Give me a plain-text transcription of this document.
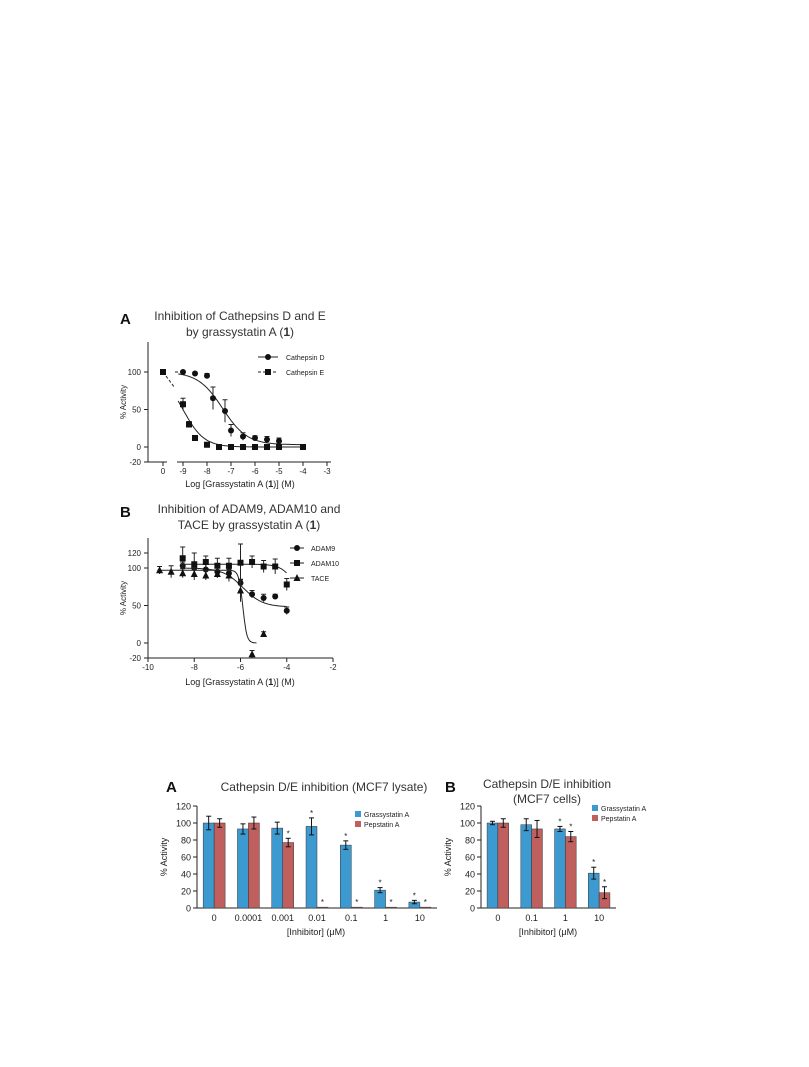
A	Inhibition of Cathepsins D and E
by grassystatin A (1)
100
50
0
-20
0 -9 -8 -7 -6 -5 -4 -3
% Activity
Log [Grassystatin A (1)] (M)
Cathepsin D
Cathepsin E
B	Inhibition of ADAM9, ADAM10 and
TACE by grassystatin A (1)
120
100
50
0
-20
-10	-8	-6	-4	-2
% Activity
Log [Grassystatin A (1)] (M)
ADAM9
ADAM10
TACE
A	Cathepsin D/E inhibition (MCF7 lysate)
120
100
80
60
40
20
0
% Activity
0 0.0001 0.001
*
0.01
*
*
0.1
*
*
1
*
*
10
*
*
[Inhibitor] (μM)
Grassystatin A
Pepstatin A
B	Cathepsin D/E inhibition
(MCF7 cells)
120
100
80
60
40
20
0
% Activity
0	0.1	1
*
*
10
*
*
[Inhibitor] (μM)
Grassystatin A
Pepstatin A
